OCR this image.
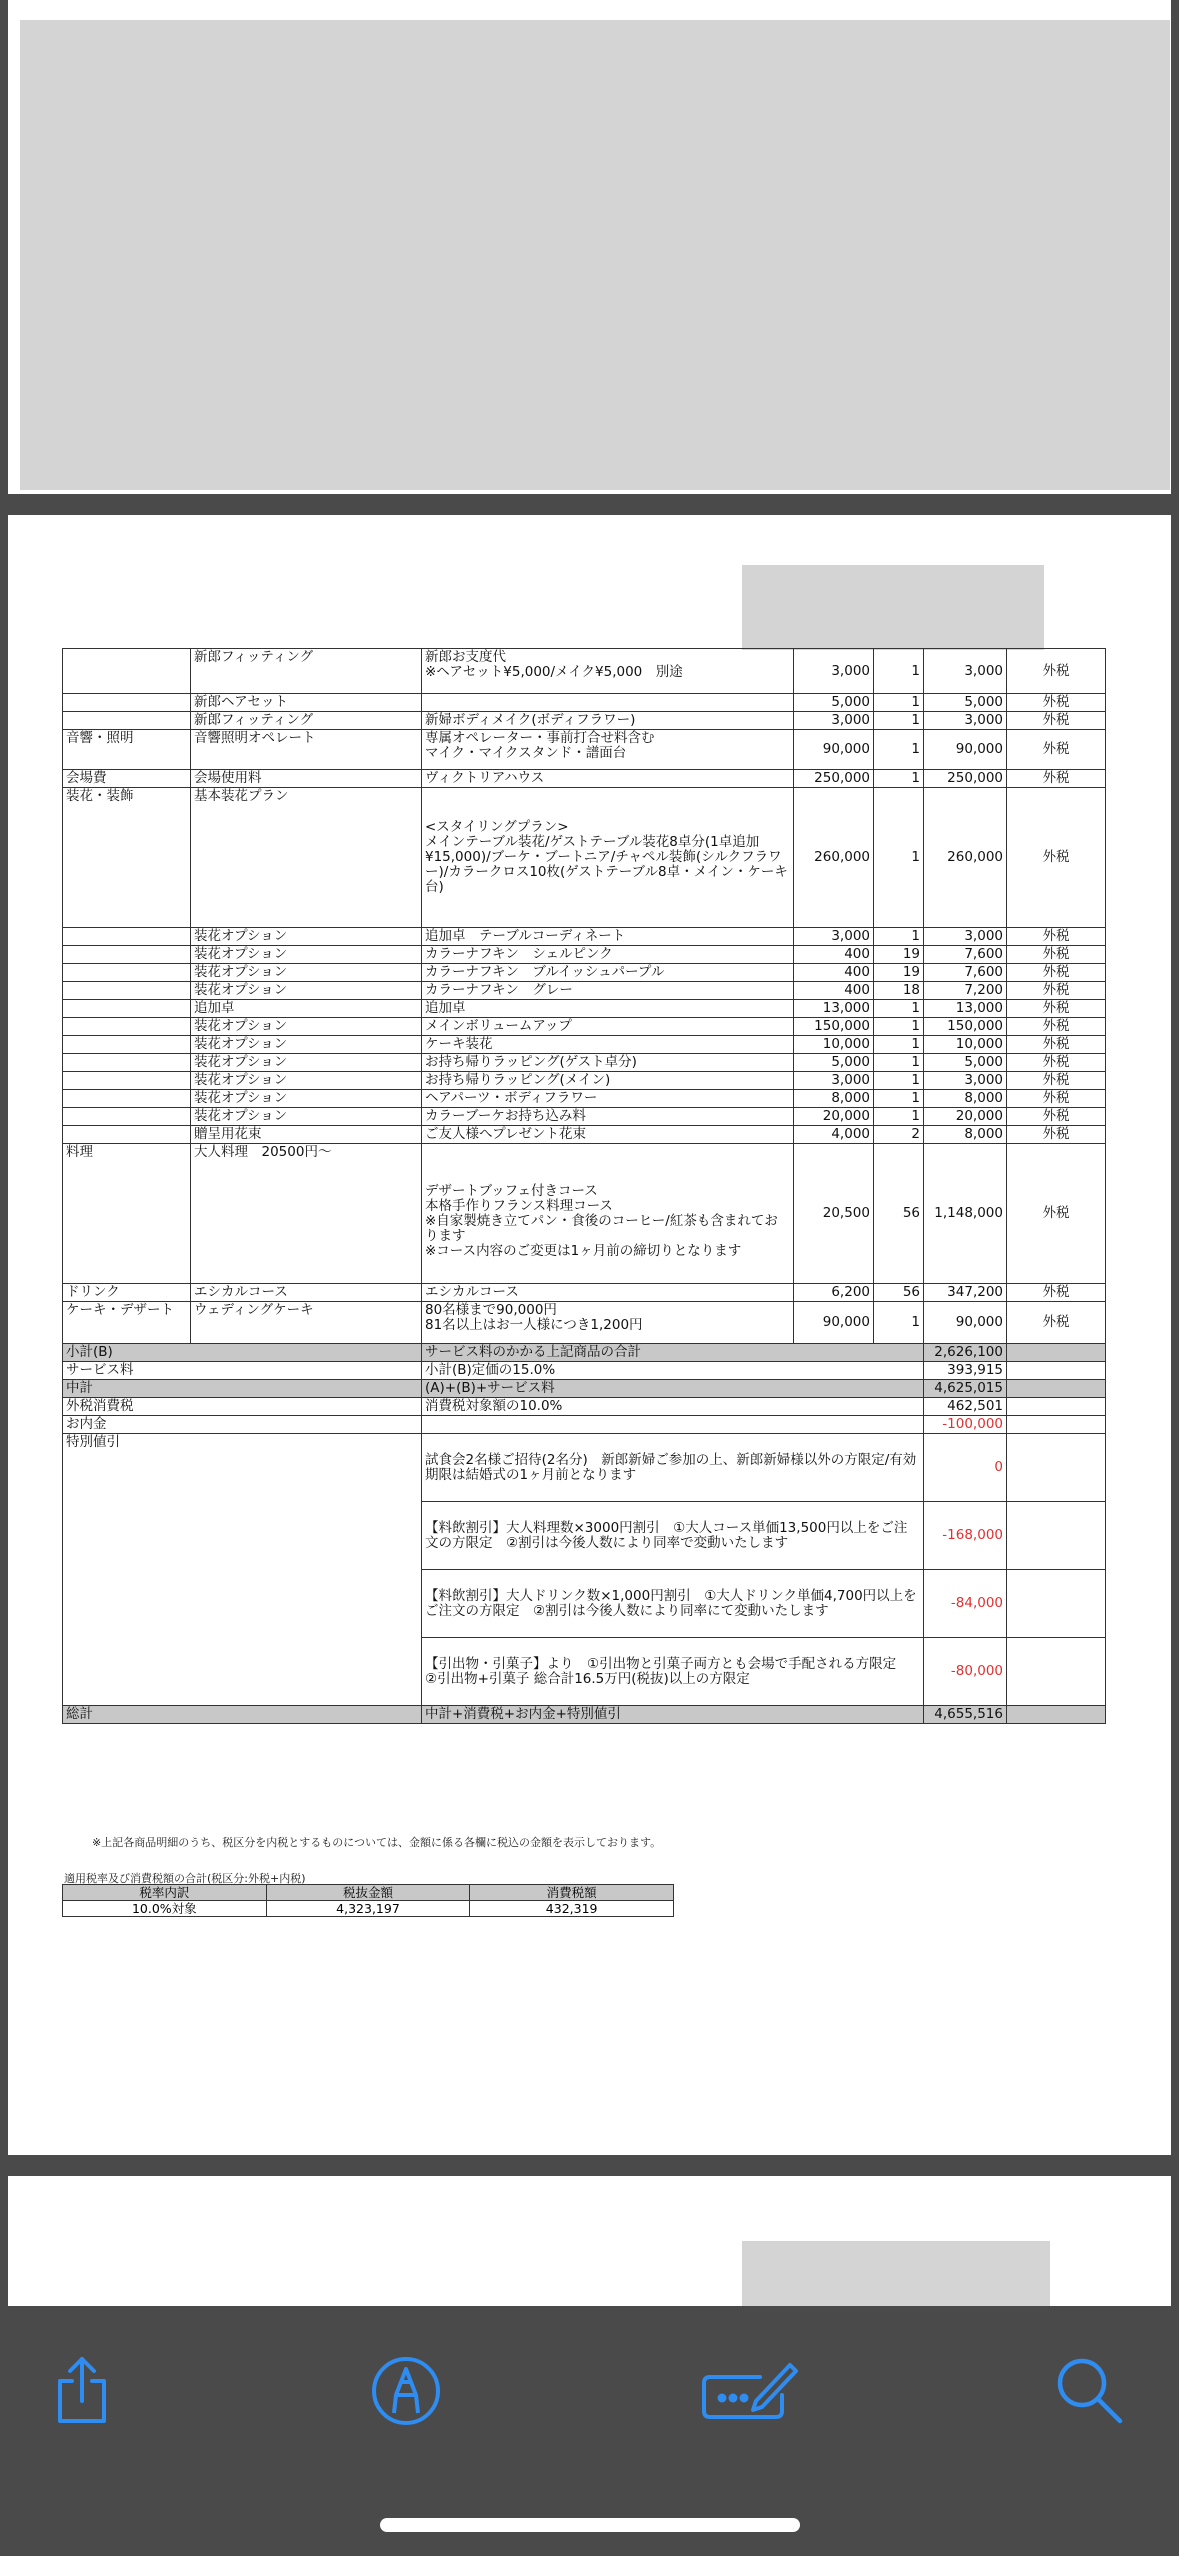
	新郎フィッティング	新郎お支度代
※ヘアセット¥5,000/メイク¥5,000　別途	3,000	1	3,000	外税
	新郎ヘアセット		5,000	1	5,000	外税
	新郎フィッティング	新婦ボディメイク(ボディフラワー)	3,000	1	3,000	外税
音響・照明	音響照明オペレート	専属オペレーター・事前打合せ料含む
マイク・マイクスタンド・譜面台	90,000	1	90,000	外税
会場費	会場使用料	ヴィクトリアハウス	250,000	1	250,000	外税
装花・装飾	基本装花プラン	<スタイリングプラン>
メインテーブル装花/ゲストテーブル装花8卓分(1卓追加¥15,000)/ブーケ・ブートニア/チャペル装飾(シルクフラワー)/カラークロス10枚(ゲストテーブル8卓・メイン・ケーキ台)	260,000	1	260,000	外税
	装花オプション	追加卓　テーブルコーディネート	3,000	1	3,000	外税
	装花オプション	カラーナフキン　シェルピンク	400	19	7,600	外税
	装花オプション	カラーナフキン　ブルイッシュパープル	400	19	7,600	外税
	装花オプション	カラーナフキン　グレー	400	18	7,200	外税
	追加卓	追加卓	13,000	1	13,000	外税
	装花オプション	メインボリュームアップ	150,000	1	150,000	外税
	装花オプション	ケーキ装花	10,000	1	10,000	外税
	装花オプション	お持ち帰りラッピング(ゲスト卓分)	5,000	1	5,000	外税
	装花オプション	お持ち帰りラッピング(メイン)	3,000	1	3,000	外税
	装花オプション	ヘアパーツ・ボディフラワー	8,000	1	8,000	外税
	装花オプション	カラーブーケお持ち込み料	20,000	1	20,000	外税
	贈呈用花束	ご友人様へプレゼント花束	4,000	2	8,000	外税
料理	大人料理　20500円〜	
デザートブッフェ付きコース
本格手作りフランス料理コース
※自家製焼き立てパン・食後のコーヒー/紅茶も含まれております
※コース内容のご変更は1ヶ月前の締切りとなります	20,500	56	1,148,000	外税
ドリンク	エシカルコース	エシカルコース	6,200	56	347,200	外税
ケーキ・デザート	ウェディングケーキ	80名様まで90,000円
81名以上はお一人様につき1,200円	90,000	1	90,000	外税
小計(B)		サービス料のかかる上記商品の合計			2,626,100	
サービス料		小計(B)定価の15.0%			393,915	
中計		(A)+(B)+サービス料			4,625,015	
外税消費税		消費税対象額の10.0%			462,501	
お内金					-100,000	
特別値引		試食会2名様ご招待(2名分)　新郎新婦ご参加の上、新郎新婦様以外の方限定/有効期限は結婚式の1ヶ月前となります			0	
		【料飲割引】大人料理数×3000円割引　①大人コース単価13,500円以上をご注文の方限定　②割引は今後人数により同率で変動いたします			-168,000	
		【料飲割引】大人ドリンク数×1,000円割引　①大人ドリンク単価4,700円以上をご注文の方限定　②割引は今後人数により同率にて変動いたします			-84,000	
		【引出物・引菓子】より　①引出物と引菓子両方とも会場で手配される方限定
②引出物+引菓子 総合計16.5万円(税抜)以上の方限定			-80,000	
総計		中計+消費税+お内金+特別値引			4,655,516	
※上記各商品明細のうち、税区分を内税とするものについては、金額に係る各欄に税込の金額を表示しております。
適用税率及び消費税額の合計(税区分:外税+内税)
税率内訳	税抜金額	消費税額
10.0%対象	4,323,197	432,319
